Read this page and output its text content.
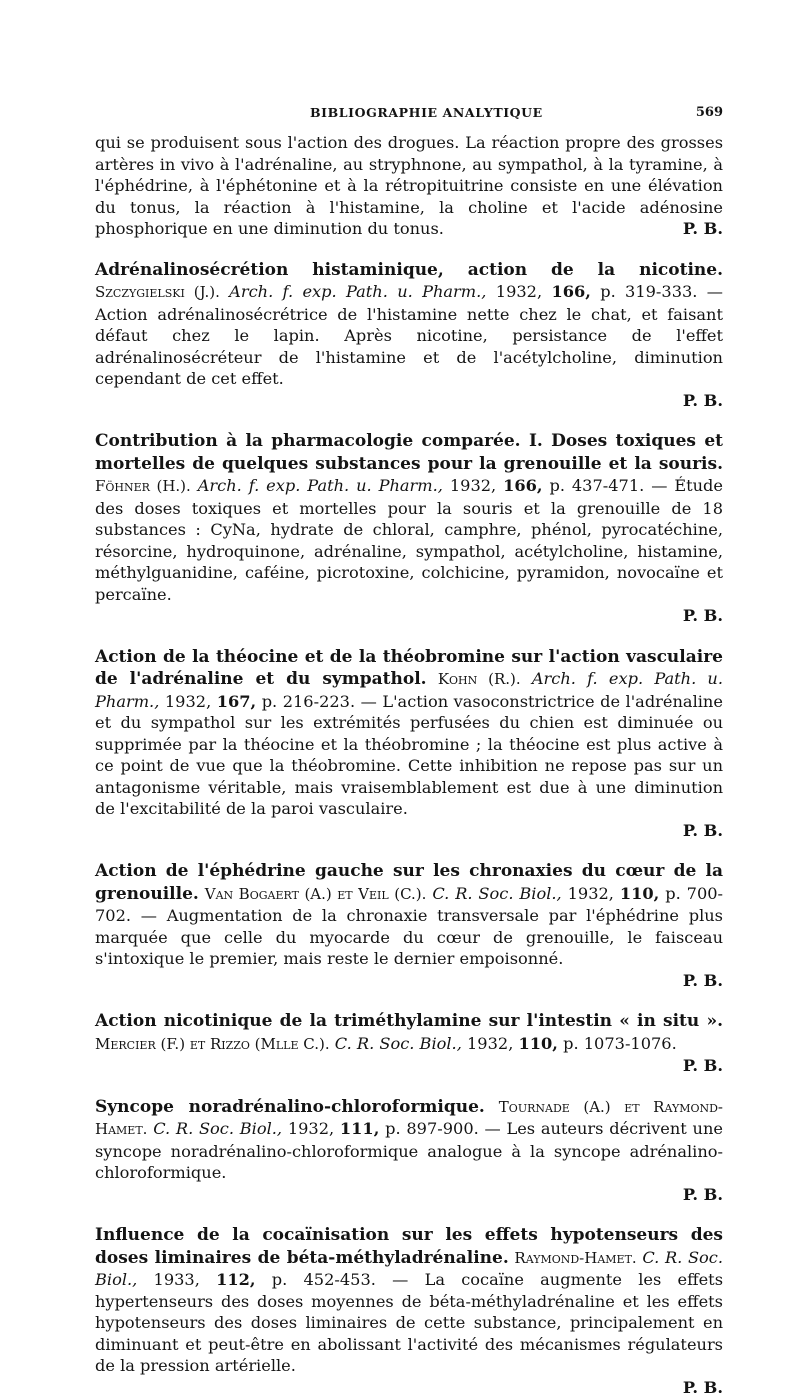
BIBLIOGRAPHIE ANALYTIQUE	569

qui se produisent sous l'action des drogues. La réaction propre des grosses artères in vivo à l'adrénaline, au stryphnone, au sympathol, à la tyramine, à l'éphédrine, à l'éphétonine et à la rétropituitrine consiste en une élévation du tonus, la réaction à l'histamine, la choline et l'acide adénosine phosphorique en une diminution du tonus.	P. B.

Adrénalinosécrétion histaminique, action de la nicotine. Szczygielski (J.). Arch. f. exp. Path. u. Pharm., 1932, 166, p. 319-333. — Action adrénalinosécrétrice de l'histamine nette chez le chat, et faisant défaut chez le lapin. Après nicotine, persistance de l'effet adrénalinosécréteur de l'histamine et de l'acétylcholine, diminution cependant de cet effet.

P. B.

Contribution à la pharmacologie comparée. I. Doses toxiques et mortelles de quelques substances pour la grenouille et la souris. Föhner (H.). Arch. f. exp. Path. u. Pharm., 1932, 166, p. 437-471. — Étude des doses toxiques et mortelles pour la souris et la grenouille de 18 substances : CyNa, hydrate de chloral, camphre, phénol, pyrocatéchine, résorcine, hydroquinone, adrénaline, sympathol, acétylcholine, histamine, méthylguanidine, caféine, picrotoxine, colchicine, pyramidon, novocaïne et percaïne.

P. B.

Action de la théocine et de la théobromine sur l'action vasculaire de l'adrénaline et du sympathol. Kohn (R.). Arch. f. exp. Path. u. Pharm., 1932, 167, p. 216-223. — L'action vasoconstrictrice de l'adrénaline et du sympathol sur les extrémités perfusées du chien est diminuée ou supprimée par la théocine et la théobromine ; la théocine est plus active à ce point de vue que la théobromine. Cette inhibition ne repose pas sur un antagonisme véritable, mais vraisemblablement est due à une diminution de l'excitabilité de la paroi vasculaire.

P. B.

Action de l'éphédrine gauche sur les chronaxies du cœur de la grenouille. Van Bogaert (A.) et Veil (C.). C. R. Soc. Biol., 1932, 110, p. 700-702. — Augmentation de la chronaxie transversale par l'éphédrine plus marquée que celle du myocarde du cœur de grenouille, le faisceau s'intoxique le premier, mais reste le dernier empoisonné.

P. B.

Action nicotinique de la triméthylamine sur l'intestin « in situ ». Mercier (F.) et Rizzo (Mlle C.). C. R. Soc. Biol., 1932, 110, p. 1073-1076.

P. B.

Syncope noradrénalino-chloroformique. Tournade (A.) et Raymond-Hamet. C. R. Soc. Biol., 1932, 111, p. 897-900. — Les auteurs décrivent une syncope noradrénalino-chloroformique analogue à la syncope adrénalino-chloroformique.

P. B.

Influence de la cocaïnisation sur les effets hypotenseurs des doses liminaires de béta-méthyladrénaline. Raymond-Hamet. C. R. Soc. Biol., 1933, 112, p. 452-453. — La cocaïne augmente les effets hypertenseurs des doses moyennes de béta-méthyladrénaline et les effets hypotenseurs des doses liminaires de cette substance, principalement en diminuant et peut-être en abolissant l'activité des mécanismes régulateurs de la pression artérielle.

P. B.
